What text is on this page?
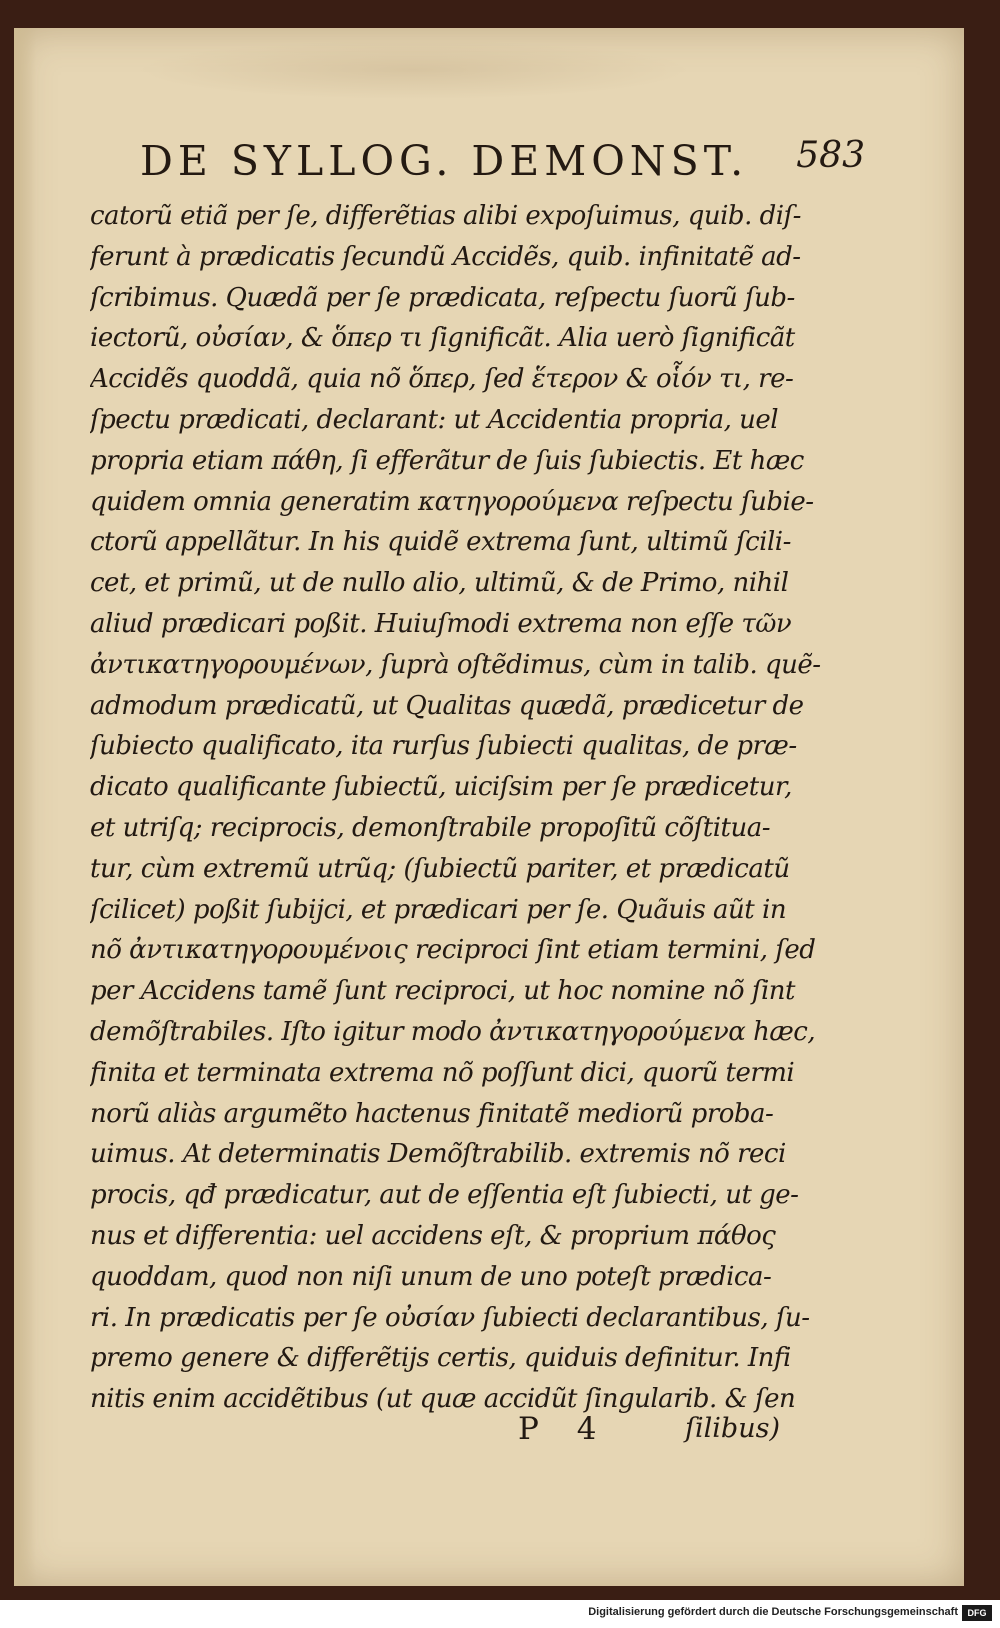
DE SYLLOG. DEMONST. 583
catorũ etiã per ſe, differẽtias alibi expoſuimus, quib. diſ-
ferunt à prædicatis ſecundũ Accidẽs, quib. infinitatẽ ad-
ſcribimus. Quædã per ſe prædicata, reſpectu ſuorũ ſub-
iectorũ, οὐσίαν, & ὅπερ τι ſignificãt. Alia uerò ſignificãt
Accidẽs quoddã, quia nõ ὅπερ, ſed ἕτερον & οἷόν τι, re-
ſpectu prædicati, declarant: ut Accidentia propria, uel
propria etiam πάθη, ſi efferãtur de ſuis ſubiectis. Et hæc
quidem omnia generatim κατηγορούμενα reſpectu ſubie-
ctorũ appellãtur. In his quidẽ extrema ſunt, ultimũ ſcili-
cet, et primũ, ut de nullo alio, ultimũ, & de Primo, nihil
aliud prædicari poßit. Huiuſmodi extrema non eſſe τῶν
ἀντικατηγορουμένων, ſuprà oſtẽdimus, cùm in talib. quẽ-
admodum prædicatũ, ut Qualitas quædã, prædicetur de
ſubiecto qualificato, ita rurſus ſubiecti qualitas, de præ-
dicato qualificante ſubiectũ, uiciſsim per ſe prædicetur,
et utriſq; reciprocis, demonſtrabile propoſitũ cõſtitua-
tur, cùm extremũ utrũq; (ſubiectũ pariter, et prædicatũ
ſcilicet) poßit ſubijci, et prædicari per ſe. Quãuis aũt in
nõ ἀντικατηγορουμένοις reciproci ſint etiam termini, ſed
per Accidens tamẽ ſunt reciproci, ut hoc nomine nõ ſint
demõſtrabiles. Iſto igitur modo ἀντικατηγορούμενα hæc,
finita et terminata extrema nõ poſſunt dici, quorũ termi
norũ aliàs argumẽto hactenus finitatẽ mediorũ proba-
uimus. At determinatis Demõſtrabilib. extremis nõ reci
procis, qđ prædicatur, aut de eſſentia eſt ſubiecti, ut ge-
nus et differentia: uel accidens eſt, & proprium πάθος
quoddam, quod non niſi unum de uno poteſt prædica-
ri. In prædicatis per ſe οὐσίαν ſubiecti declarantibus, ſu-
premo genere & differẽtijs certis, quiduis definitur. Infi
nitis enim accidẽtibus (ut quæ accidũt ſingularib. & ſen
P 4	ſilibus)
Digitalisierung gefördert durch die Deutsche Forschungsgemeinschaft	DFG
